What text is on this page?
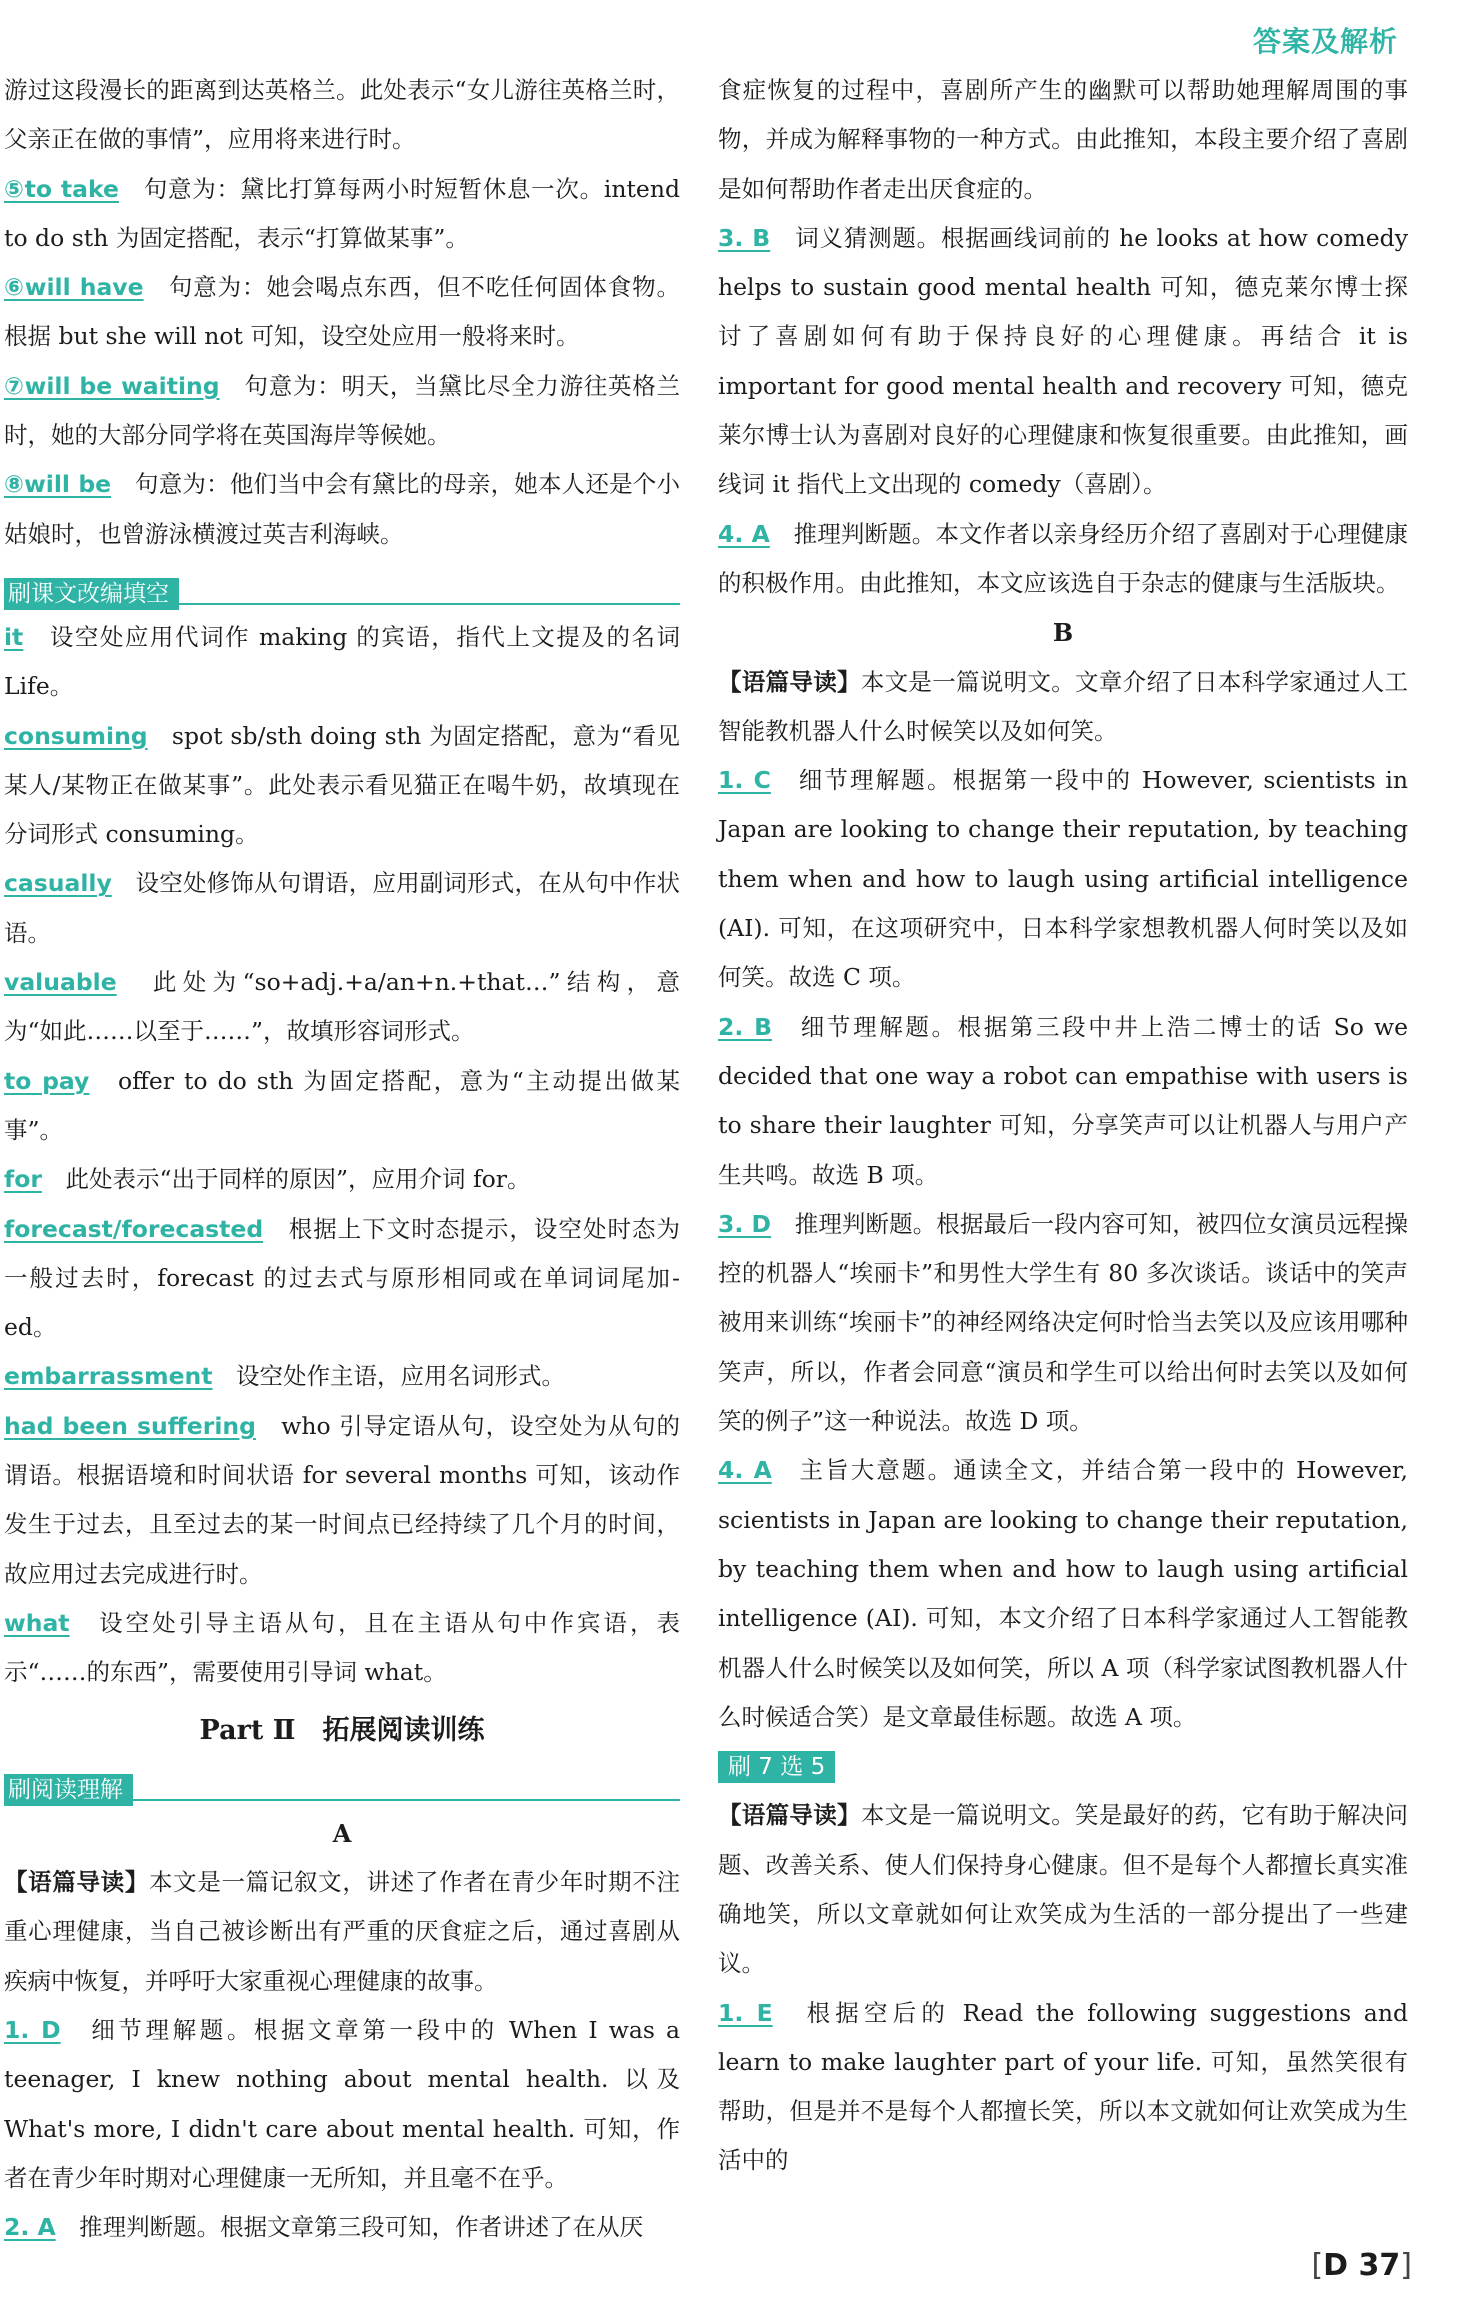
答案及解析

游过这段漫长的距离到达英格兰。此处表示“女儿游往英格兰时，父亲正在做的事情”，应用将来进行时。

⑤to take　 句意为：黛比打算每两小时短暂休息一次。intend to do sth 为固定搭配，表示“打算做某事”。

⑥will have　 句意为：她会喝点东西，但不吃任何固体食物。根据 but she will not 可知，设空处应用一般将来时。

⑦will be waiting　 句意为：明天，当黛比尽全力游往英格兰时，她的大部分同学将在英国海岸等候她。

⑧will be　 句意为：他们当中会有黛比的母亲，她本人还是个小姑娘时，也曾游泳横渡过英吉利海峡。

刷课文改编填空

it　 设空处应用代词作 making 的宾语，指代上文提及的名词 Life。

consuming　 spot sb/sth doing sth 为固定搭配，意为“看见某人/某物正在做某事”。此处表示看见猫正在喝牛奶，故填现在分词形式 consuming。

casually　 设空处修饰从句谓语，应用副词形式，在从句中作状语。

valuable　 此处为“so+adj.+a/an+n.+that…”结构，意为“如此……以至于……”，故填形容词形式。

to pay　 offer to do sth 为固定搭配，意为“主动提出做某事”。

for　 此处表示“出于同样的原因”，应用介词 for。

forecast/forecasted　 根据上下文时态提示，设空处时态为一般过去时，forecast 的过去式与原形相同或在单词词尾加-ed。

embarrassment　 设空处作主语，应用名词形式。

had been suffering　 who 引导定语从句，设空处为从句的谓语。根据语境和时间状语 for several months 可知，该动作发生于过去，且至过去的某一时间点已经持续了几个月的时间，故应用过去完成进行时。

what　 设空处引导主语从句，且在主语从句中作宾语，表示“……的东西”，需要使用引导词 what。

Part Ⅱ　拓展阅读训练
刷阅读理解
A

【语篇导读】本文是一篇记叙文，讲述了作者在青少年时期不注重心理健康，当自己被诊断出有严重的厌食症之后，通过喜剧从疾病中恢复，并呼吁大家重视心理健康的故事。

1. D　 细节理解题。根据文章第一段中的 When I was a teenager, I knew nothing about mental health. 以及 What's more, I didn't care about mental health. 可知，作者在青少年时期对心理健康一无所知，并且毫不在乎。

2. A　 推理判断题。根据文章第三段可知，作者讲述了在从厌

食症恢复的过程中，喜剧所产生的幽默可以帮助她理解周围的事物，并成为解释事物的一种方式。由此推知，本段主要介绍了喜剧是如何帮助作者走出厌食症的。

3. B　 词义猜测题。根据画线词前的 he looks at how comedy helps to sustain good mental health 可知，德克莱尔博士探讨了喜剧如何有助于保持良好的心理健康。再结合 it is important for good mental health and recovery 可知，德克莱尔博士认为喜剧对良好的心理健康和恢复很重要。由此推知，画线词 it 指代上文出现的 comedy（喜剧）。

4. A　 推理判断题。本文作者以亲身经历介绍了喜剧对于心理健康的积极作用。由此推知，本文应该选自于杂志的健康与生活版块。

B

【语篇导读】本文是一篇说明文。文章介绍了日本科学家通过人工智能教机器人什么时候笑以及如何笑。

1. C　 细节理解题。根据第一段中的 However, scientists in Japan are looking to change their reputation, by teaching them when and how to laugh using artificial intelligence (AI). 可知，在这项研究中，日本科学家想教机器人何时笑以及如何笑。故选 C 项。

2. B　 细节理解题。根据第三段中井上浩二博士的话 So we decided that one way a robot can empathise with users is to share their laughter 可知，分享笑声可以让机器人与用户产生共鸣。故选 B 项。

3. D　 推理判断题。根据最后一段内容可知，被四位女演员远程操控的机器人“埃丽卡”和男性大学生有 80 多次谈话。谈话中的笑声被用来训练“埃丽卡”的神经网络决定何时恰当去笑以及应该用哪种笑声，所以，作者会同意“演员和学生可以给出何时去笑以及如何笑的例子”这一种说法。故选 D 项。

4. A　 主旨大意题。通读全文，并结合第一段中的 However, scientists in Japan are looking to change their reputation, by teaching them when and how to laugh using artificial intelligence (AI). 可知，本文介绍了日本科学家通过人工智能教机器人什么时候笑以及如何笑，所以 A 项（科学家试图教机器人什么时候适合笑）是文章最佳标题。故选 A 项。

刷 7 选 5

【语篇导读】本文是一篇说明文。笑是最好的药，它有助于解决问题、改善关系、使人们保持身心健康。但不是每个人都擅长真实准确地笑，所以文章就如何让欢笑成为生活的一部分提出了一些建议。

1. E　 根据空后的 Read the following suggestions and learn to make laughter part of your life. 可知，虽然笑很有帮助，但是并不是每个人都擅长笑，所以本文就如何让欢笑成为生活中的

[D 37]
